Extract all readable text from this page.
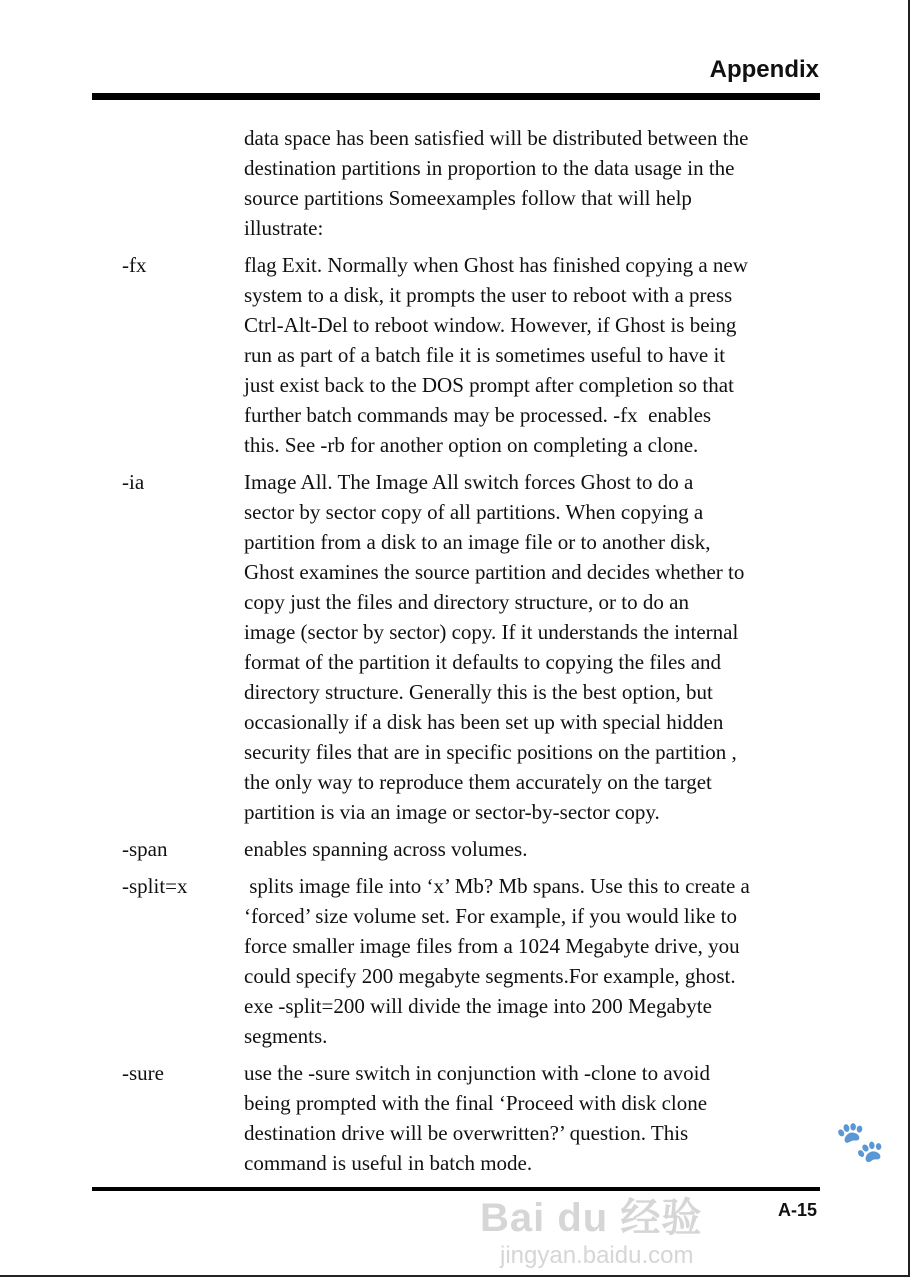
Appendix
data space has been satisfied will be distributed between the
destination partitions in proportion to the data usage in the
source partitions Someexamples follow that will help
illustrate:
-fx	flag Exit. Normally when Ghost has finished copying a new
system to a disk, it prompts the user to reboot with a press
Ctrl-Alt-Del to reboot window. However, if Ghost is being
run as part of a batch file it is sometimes useful to have it
just exist back to the DOS prompt after completion so that
further batch commands may be processed. -fx  enables
this. See -rb for another option on completing a clone.
-ia	Image All. The Image All switch forces Ghost to do a
sector by sector copy of all partitions. When copying a
partition from a disk to an image file or to another disk,
Ghost examines the source partition and decides whether to
copy just the files and directory structure, or to do an
image (sector by sector) copy. If it understands the internal
format of the partition it defaults to copying the files and
directory structure. Generally this is the best option, but
occasionally if a disk has been set up with special hidden
security files that are in specific positions on the partition ,
the only way to reproduce them accurately on the target
partition is via an image or sector-by-sector copy.
-span	enables spanning across volumes.
-split=x	splits image file into ‘x’ Mb? Mb spans. Use this to create a
‘forced’ size volume set. For example, if you would like to
force smaller image files from a 1024 Megabyte drive, you
could specify 200 megabyte segments.For example, ghost.
exe -split=200 will divide the image into 200 Megabyte
segments.
-sure	use the -sure switch in conjunction with -clone to avoid
being prompted with the final ‘Proceed with disk clone
destination drive will be overwritten?’ question. This
command is useful in batch mode.
A-15
🐾
Bai du 经验
jingyan.baidu.com
